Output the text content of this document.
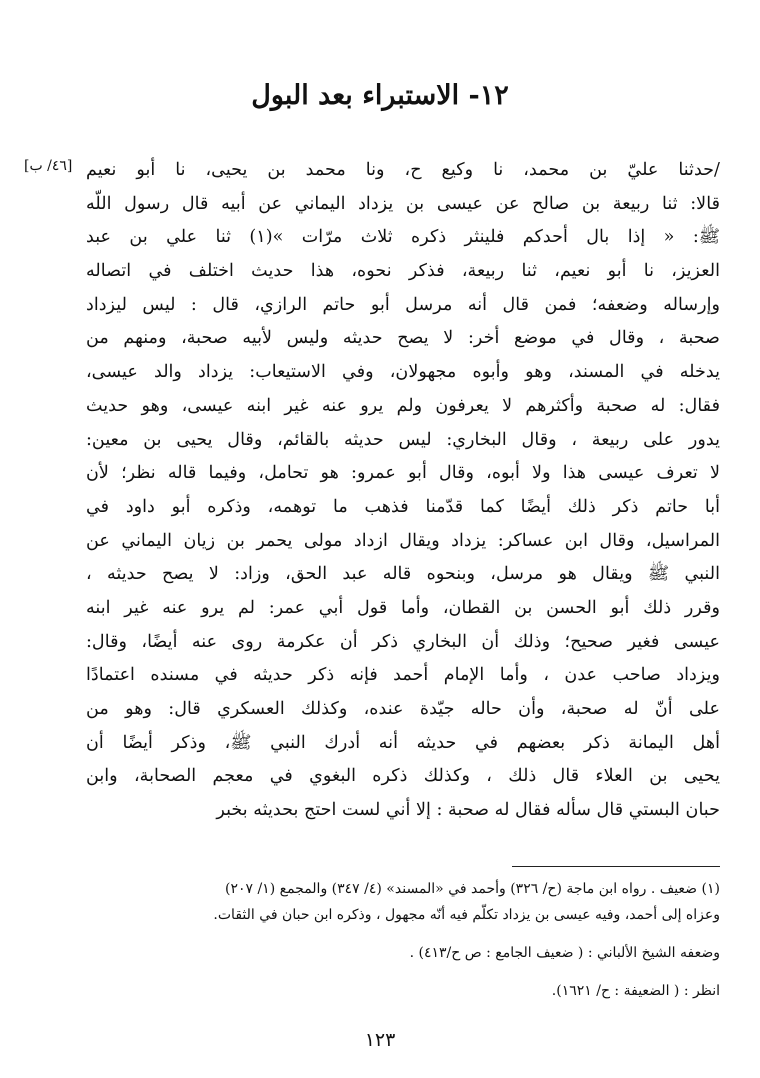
١٢- الاستبراء بعد البول
[٤٦/ ب] /حدثنا عليّ بن محمد، نا وكيع ح، ونا محمد بن يحيى، نا أبو نعيم
قالا: ثنا ربيعة بن صالح عن عيسى بن يزداد اليماني عن أبيه قال رسول اللّه
ﷺ: « إذا بال أحدكم فلينثر ذكره ثلاث مرّات »(١) ثنا علي بن عبد
العزيز، نا أبو نعيم، ثنا ربيعة، فذكر نحوه، هذا حديث اختلف في اتصاله
وإرساله وضعفه؛ فمن قال أنه مرسل أبو حاتم الرازي، قال : ليس ليزداد
صحبة ، وقال في موضع أخر: لا يصح حديثه وليس لأبيه صحبة، ومنهم من
يدخله في المسند، وهو وأبوه مجهولان، وفي الاستيعاب: يزداد والد عيسى،
فقال: له صحبة وأكثرهم لا يعرفون ولم يرو عنه غير ابنه عيسى، وهو حديث
يدور على ربيعة ، وقال البخاري: ليس حديثه بالقائم، وقال يحيى بن معين:
لا تعرف عيسى هذا ولا أبوه، وقال أبو عمرو: هو تحامل، وفيما قاله نظر؛ لأن
أبا حاتم ذكر ذلك أيضًا كما قدّمنا فذهب ما توهمه، وذكره أبو داود في
المراسيل، وقال ابن عساكر: يزداد ويقال ازداد مولى يحمر بن زيان اليماني عن
النبي ﷺ ويقال هو مرسل، وبنحوه قاله عبد الحق، وزاد: لا يصح حديثه ،
وقرر ذلك أبو الحسن بن القطان، وأما قول أبي عمر: لم يرو عنه غير ابنه
عيسى فغير صحيح؛ وذلك أن البخاري ذكر أن عكرمة روى عنه أيضًا، وقال:
ويزداد صاحب عدن ، وأما الإمام أحمد فإنه ذكر حديثه في مسنده اعتمادًا
على أنّ له صحبة، وأن حاله جيّدة عنده، وكذلك العسكري قال: وهو من
أهل اليمانة ذكر بعضهم في حديثه أنه أدرك النبي ﷺ، وذكر أيضًا أن
يحيى بن العلاء قال ذلك ، وكذلك ذكره البغوي في معجم الصحابة، وابن
حبان البستي قال سأله فقال له صحبة : إلا أني لست احتج بحديثه بخبر
(١) ضعيف . رواه ابن ماجة (ح/ ٣٢٦) وأحمد في «المسند» (٤/ ٣٤٧) والمجمع (١/ ٢٠٧)
وعزاه إلى أحمد، وفيه عيسى بن يزداد تكلّم فيه أنّه مجهول ، وذكره ابن حبان في الثقات.
وضعفه الشيخ الألباني : ( ضعيف الجامع : ص ح/٤١٣) .
انظر : ( الضعيفة : ح/ ١٦٢١).
١٢٣
